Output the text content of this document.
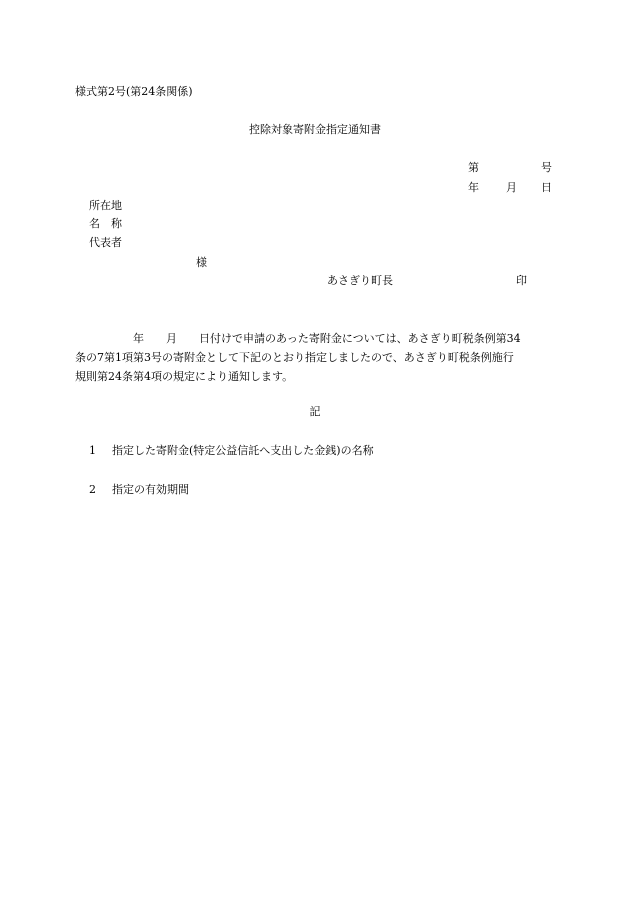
様式第2号(第24条関係)
控除対象寄附金指定通知書
第	号
年 月 日
所在地
名　称
代表者
様
あさぎり町長	印
年 月 日付けで申請のあった寄附金については、あさぎり町税条例第34
条の7第1項第3号の寄附金として下記のとおり指定しましたので、あさぎり町税条例施行
規則第24条第4項の規定により通知します。
記
1 指定した寄附金(特定公益信託へ支出した金銭)の名称
2 指定の有効期間
